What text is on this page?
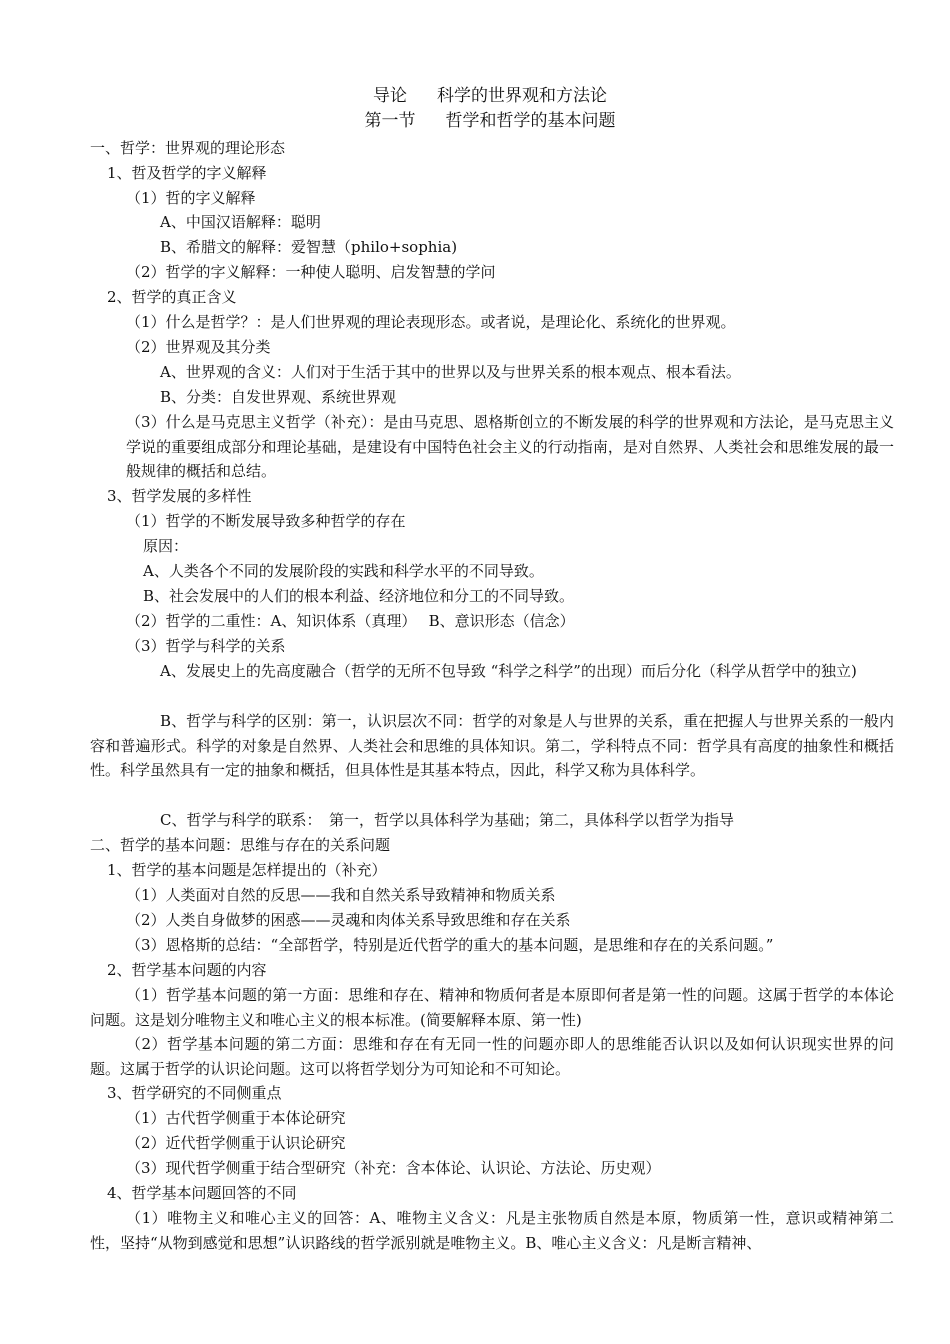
导论 科学的世界观和方法论
第一节 哲学和哲学的基本问题
一、哲学：世界观的理论形态
1、哲及哲学的字义解释
（1）哲的字义解释
A、中国汉语解释：聪明
B、希腊文的解释：爱智慧（philo+sophia)
（2）哲学的字义解释：一种使人聪明、启发智慧的学问
2、哲学的真正含义
（1）什么是哲学？：是人们世界观的理论表现形态。或者说，是理论化、系统化的世界观。
（2）世界观及其分类
A、世界观的含义：人们对于生活于其中的世界以及与世界关系的根本观点、根本看法。
B、分类：自发世界观、系统世界观
（3）什么是马克思主义哲学（补充）：是由马克思、恩格斯创立的不断发展的科学的世界观和方法论，是马克思主义学说的重要组成部分和理论基础，是建设有中国特色社会主义的行动指南，是对自然界、人类社会和思维发展的最一般规律的概括和总结。
3、哲学发展的多样性
（1）哲学的不断发展导致多种哲学的存在
原因：
A、人类各个不同的发展阶段的实践和科学水平的不同导致。
B、社会发展中的人们的根本利益、经济地位和分工的不同导致。
（2）哲学的二重性：A、知识体系（真理）　 B、意识形态（信念）
（3）哲学与科学的关系
A、发展史上的先高度融合（哲学的无所不包导致 “科学之科学”的出现）而后分化（科学从哲学中的独立)
B、哲学与科学的区别：第一，认识层次不同：哲学的对象是人与世界的关系，重在把握人与世界关系的一般内容和普遍形式。科学的对象是自然界、人类社会和思维的具体知识。第二，学科特点不同：哲学具有高度的抽象性和概括性。科学虽然具有一定的抽象和概括，但具体性是其基本特点，因此，科学又称为具体科学。
C、哲学与科学的联系：　第一，哲学以具体科学为基础；第二，具体科学以哲学为指导
二、哲学的基本问题：思维与存在的关系问题
1、哲学的基本问题是怎样提出的（补充）
（1）人类面对自然的反思——我和自然关系导致精神和物质关系
（2）人类自身做梦的困惑——灵魂和肉体关系导致思维和存在关系
（3）恩格斯的总结：“全部哲学，特别是近代哲学的重大的基本问题，是思维和存在的关系问题。”
2、哲学基本问题的内容
（1）哲学基本问题的第一方面：思维和存在、精神和物质何者是本原即何者是第一性的问题。这属于哲学的本体论问题。这是划分唯物主义和唯心主义的根本标准。(简要解释本原、第一性)
（2）哲学基本问题的第二方面：思维和存在有无同一性的问题亦即人的思维能否认识以及如何认识现实世界的问题。这属于哲学的认识论问题。这可以将哲学划分为可知论和不可知论。
3、哲学研究的不同侧重点
（1）古代哲学侧重于本体论研究
（2）近代哲学侧重于认识论研究
（3）现代哲学侧重于结合型研究（补充：含本体论、认识论、方法论、历史观）
4、哲学基本问题回答的不同
（1）唯物主义和唯心主义的回答：A、唯物主义含义：凡是主张物质自然是本原，物质第一性，意识或精神第二性，坚持“从物到感觉和思想”认识路线的哲学派别就是唯物主义。B、唯心主义含义：凡是断言精神、
